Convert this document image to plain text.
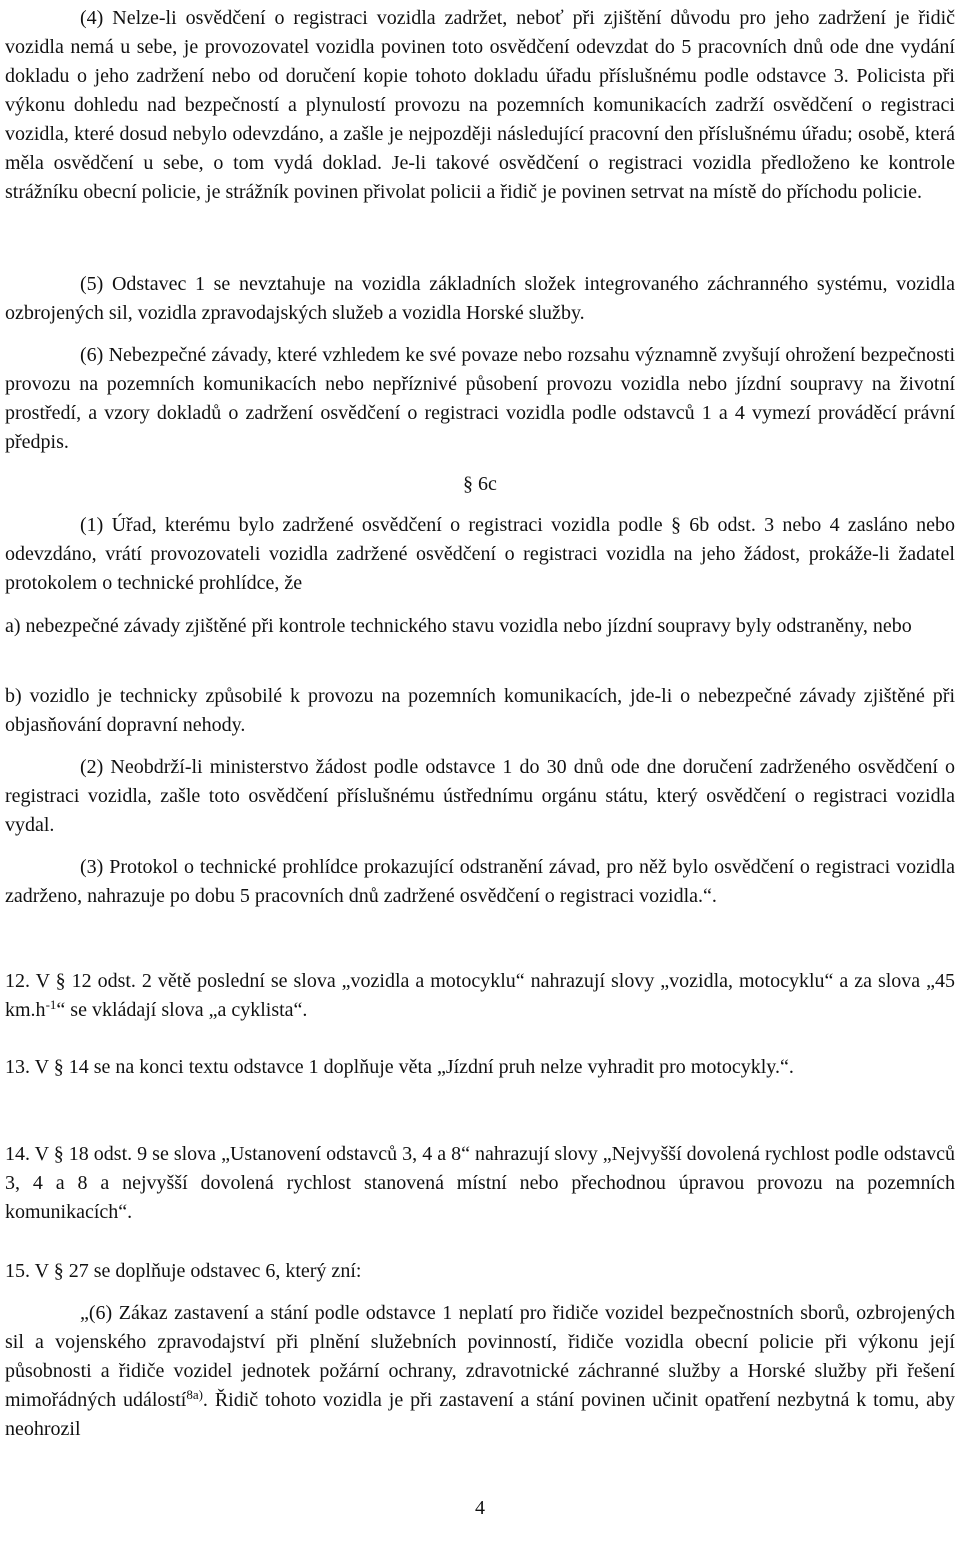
(4) Nelze-li osvědčení o registraci vozidla zadržet, neboť při zjištění důvodu pro jeho zadržení je řidič vozidla nemá u sebe, je provozovatel vozidla povinen toto osvědčení odevzdat do 5 pracovních dnů ode dne vydání dokladu o jeho zadržení nebo od doručení kopie tohoto dokladu úřadu příslušnému podle odstavce 3. Policista při výkonu dohledu nad bezpečností a plynulostí provozu na pozemních komunikacích zadrží osvědčení o registraci vozidla, které dosud nebylo odevzdáno, a zašle je nejpozději následující pracovní den příslušnému úřadu; osobě, která měla osvědčení u sebe, o tom vydá doklad. Je-li takové osvědčení o registraci vozidla předloženo ke kontrole strážníku obecní policie, je strážník povinen přivolat policii a řidič je povinen setrvat na místě do příchodu policie.

(5) Odstavec 1 se nevztahuje na vozidla základních složek integrovaného záchranného systému, vozidla ozbrojených sil, vozidla zpravodajských služeb a vozidla Horské služby.

(6) Nebezpečné závady, které vzhledem ke své povaze nebo rozsahu významně zvyšují ohrožení bezpečnosti provozu na pozemních komunikacích nebo nepříznivé působení provozu vozidla nebo jízdní soupravy na životní prostředí, a vzory dokladů o zadržení osvědčení o registraci vozidla podle odstavců 1 a 4 vymezí prováděcí právní předpis.

§ 6c

(1) Úřad, kterému bylo zadržené osvědčení o registraci vozidla podle § 6b odst. 3 nebo 4 zasláno nebo odevzdáno, vrátí provozovateli vozidla zadržené osvědčení o registraci vozidla na jeho žádost, prokáže-li žadatel protokolem o technické prohlídce, že

a) nebezpečné závady zjištěné při kontrole technického stavu vozidla nebo jízdní soupravy byly odstraněny, nebo

b) vozidlo je technicky způsobilé k provozu na pozemních komunikacích, jde-li o nebezpečné závady zjištěné při objasňování dopravní nehody.

(2) Neobdrží-li ministerstvo žádost podle odstavce 1 do 30 dnů ode dne doručení zadrženého osvědčení o registraci vozidla, zašle toto osvědčení příslušnému ústřednímu orgánu státu, který osvědčení o registraci vozidla vydal.

(3) Protokol o technické prohlídce prokazující odstranění závad, pro něž bylo osvědčení o registraci vozidla zadrženo, nahrazuje po dobu 5 pracovních dnů zadržené osvědčení o registraci vozidla.“.

12. V § 12 odst. 2 větě poslední se slova „vozidla a motocyklu“ nahrazují slovy „vozidla, motocyklu“ a za slova „45 $km.h^{-1}“$ se vkládají slova „a cyklista“.

13. V § 14 se na konci textu odstavce 1 doplňuje věta „Jízdní pruh nelze vyhradit pro motocykly.“.

14. V § 18 odst. 9 se slova „Ustanovení odstavců 3, 4 a 8“ nahrazují slovy „Nejvyšší dovolená rychlost podle odstavců 3, 4 a 8 a nejvyšší dovolená rychlost stanovená místní nebo přechodnou úpravou provozu na pozemních komunikacích“.

15. V § 27 se doplňuje odstavec 6, který zní:

„(6) Zákaz zastavení a stání podle odstavce 1 neplatí pro řidiče vozidel bezpečnostních sborů, ozbrojených sil a vojenského zpravodajství při plnění služebních povinností, řidiče vozidla obecní policie při výkonu její působnosti a řidiče vozidel jednotek požární ochrany, zdravotnické záchranné služby a Horské služby při řešení mimořádných událostí$^{8a)}$. Řidič tohoto vozidla je při zastavení a stání povinen učinit opatření nezbytná k tomu, aby neohrozil

4
